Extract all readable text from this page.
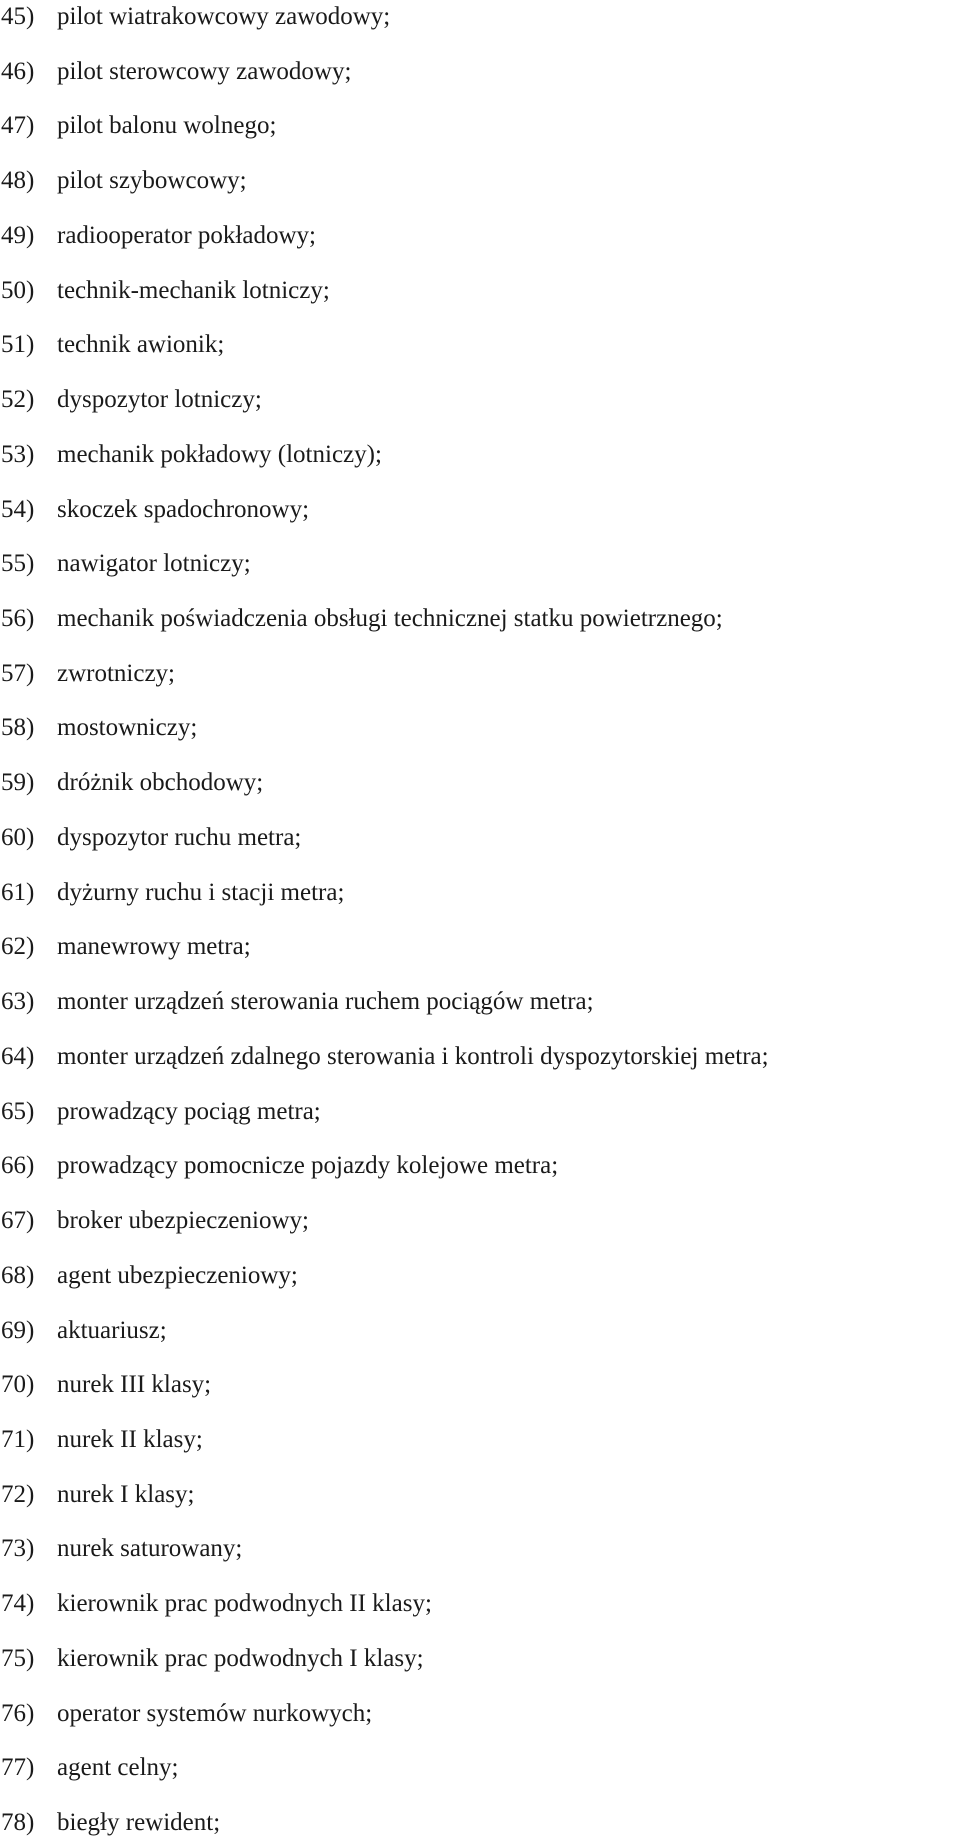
45) pilot wiatrakowcowy zawodowy;
46) pilot sterowcowy zawodowy;
47) pilot balonu wolnego;
48) pilot szybowcowy;
49) radiooperator pokładowy;
50) technik-mechanik lotniczy;
51) technik awionik;
52) dyspozytor lotniczy;
53) mechanik pokładowy (lotniczy);
54) skoczek spadochronowy;
55) nawigator lotniczy;
56) mechanik poświadczenia obsługi technicznej statku powietrznego;
57) zwrotniczy;
58) mostowniczy;
59) dróżnik obchodowy;
60) dyspozytor ruchu metra;
61) dyżurny ruchu i stacji metra;
62) manewrowy metra;
63) monter urządzeń sterowania ruchem pociągów metra;
64) monter urządzeń zdalnego sterowania i kontroli dyspozytorskiej metra;
65) prowadzący pociąg metra;
66) prowadzący pomocnicze pojazdy kolejowe metra;
67) broker ubezpieczeniowy;
68) agent ubezpieczeniowy;
69) aktuariusz;
70) nurek III klasy;
71) nurek II klasy;
72) nurek I klasy;
73) nurek saturowany;
74) kierownik prac podwodnych II klasy;
75) kierownik prac podwodnych I klasy;
76) operator systemów nurkowych;
77) agent celny;
78) biegły rewident;
